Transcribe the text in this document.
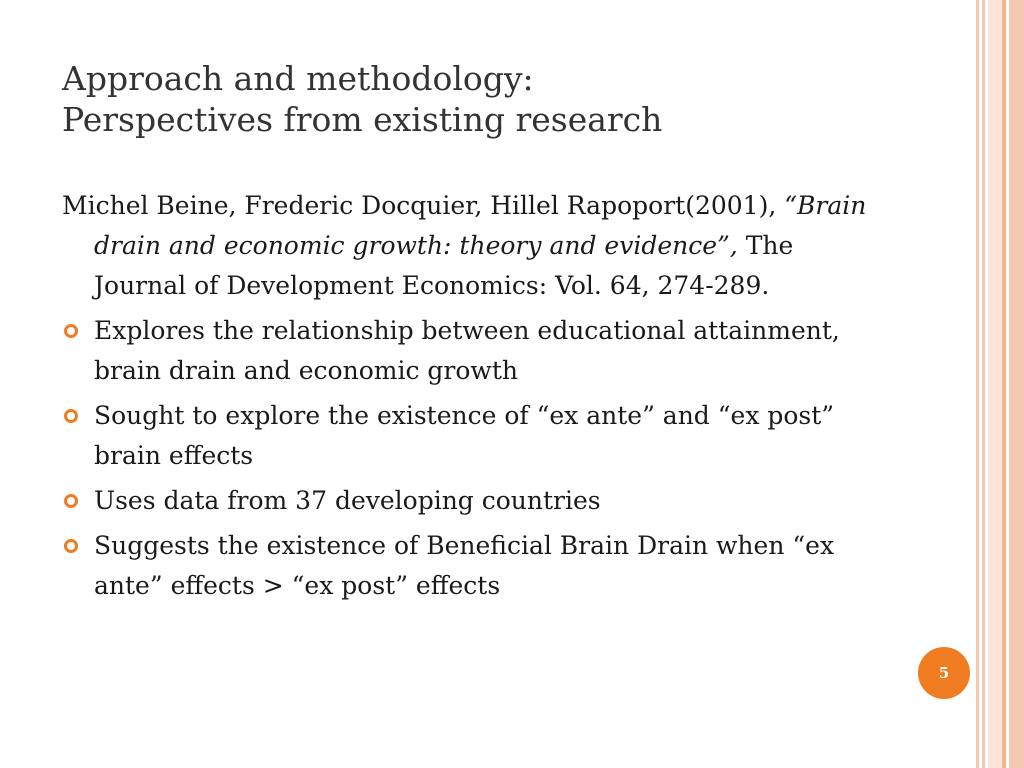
Approach and methodology:
Perspectives from existing research

Michel Beine, Frederic Docquier, Hillel Rapoport(2001), “Brain drain and economic growth: theory and evidence”, The Journal of Development Economics: Vol. 64, 274-289.

Explores the relationship between educational attainment, brain drain and economic growth
Sought to explore the existence of “ex ante” and “ex post” brain effects
Uses data from 37 developing countries
Suggests the existence of Beneficial Brain Drain when “ex ante” effects > “ex post” effects
5
